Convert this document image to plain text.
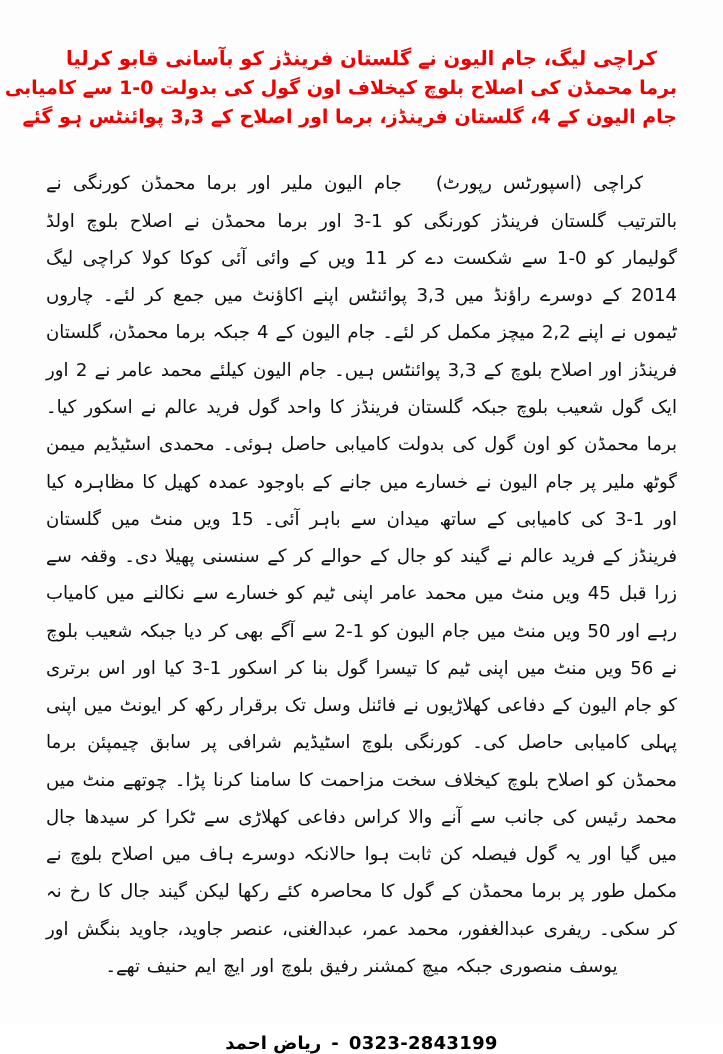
کراچی لیگ، جام الیون نے گلستان فرینڈز کو بآسانی قابو کرلیا
برما محمڈن کی اصلاح بلوچ کیخلاف اون گول کی بدولت 0-1 سے کامیابی
جام الیون کے 4، گلستان فرینڈز، برما اور اصلاح کے 3,3 پوائنٹس ہو گئے

کراچی (اسپورٹس رپورٹ)جام الیون ملیر اور برما محمڈن کورنگی نے بالترتیب گلستان فرینڈز کورنگی کو 1-3 اور برما محمڈن نے اصلاح بلوچ اولڈ گولیمار کو 0-1 سے شکست دے کر 11 ویں کے وائی آئی کوکا کولا کراچی لیگ 2014 کے دوسرے راؤنڈ میں 3,3 پوائنٹس اپنے اکاؤنٹ میں جمع کر لئے۔ چاروں ٹیموں نے اپنے 2,2 میچز مکمل کر لئے۔ جام الیون کے 4 جبکہ برما محمڈن، گلستان فرینڈز اور اصلاح بلوچ کے 3,3 پوائنٹس ہیں۔ جام الیون کیلئے محمد عامر نے 2 اور ایک گول شعیب بلوچ جبکہ گلستان فرینڈز کا واحد گول فرید عالم نے اسکور کیا۔ برما محمڈن کو اون گول کی بدولت کامیابی حاصل ہوئی۔ محمدی اسٹیڈیم میمن گوٹھ ملیر پر جام الیون نے خسارے میں جانے کے باوجود عمدہ کھیل کا مظاہرہ کیا اور 1-3 کی کامیابی کے ساتھ میدان سے باہر آئی۔ 15 ویں منٹ میں گلستان فرینڈز کے فرید عالم نے گیند کو جال کے حوالے کر کے سنسنی پھیلا دی۔ وقفہ سے زرا قبل 45 ویں منٹ میں محمد عامر اپنی ٹیم کو خسارے سے نکالنے میں کامیاب رہے اور 50 ویں منٹ میں جام الیون کو 1-2 سے آگے بھی کر دیا جبکہ شعیب بلوچ نے 56 ویں منٹ میں اپنی ٹیم کا تیسرا گول بنا کر اسکور 1-3 کیا اور اس برتری کو جام الیون کے دفاعی کھلاڑیوں نے فائنل وسل تک برقرار رکھ کر ایونٹ میں اپنی پہلی کامیابی حاصل کی۔ کورنگی بلوچ اسٹیڈیم شرافی پر سابق چیمپئن برما محمڈن کو اصلاح بلوچ کیخلاف سخت مزاحمت کا سامنا کرنا پڑا۔ چوتھے منٹ میں محمد رئیس کی جانب سے آنے والا کراس دفاعی کھلاڑی سے ٹکرا کر سیدھا جال میں گیا اور یہ گول فیصلہ کن ثابت ہوا حالانکہ دوسرے ہاف میں اصلاح بلوچ نے مکمل طور پر برما محمڈن کے گول کا محاصرہ کئے رکھا لیکن گیند جال کا رخ نہ کر سکی۔ ریفری عبدالغفور، محمد عمر، عبدالغنی، عنصر جاوید، جاوید بنگش اور یوسف منصوری جبکہ میچ کمشنر رفیق بلوچ اور ایچ ایم حنیف تھے۔

0323-2843199-ریاض احمد
